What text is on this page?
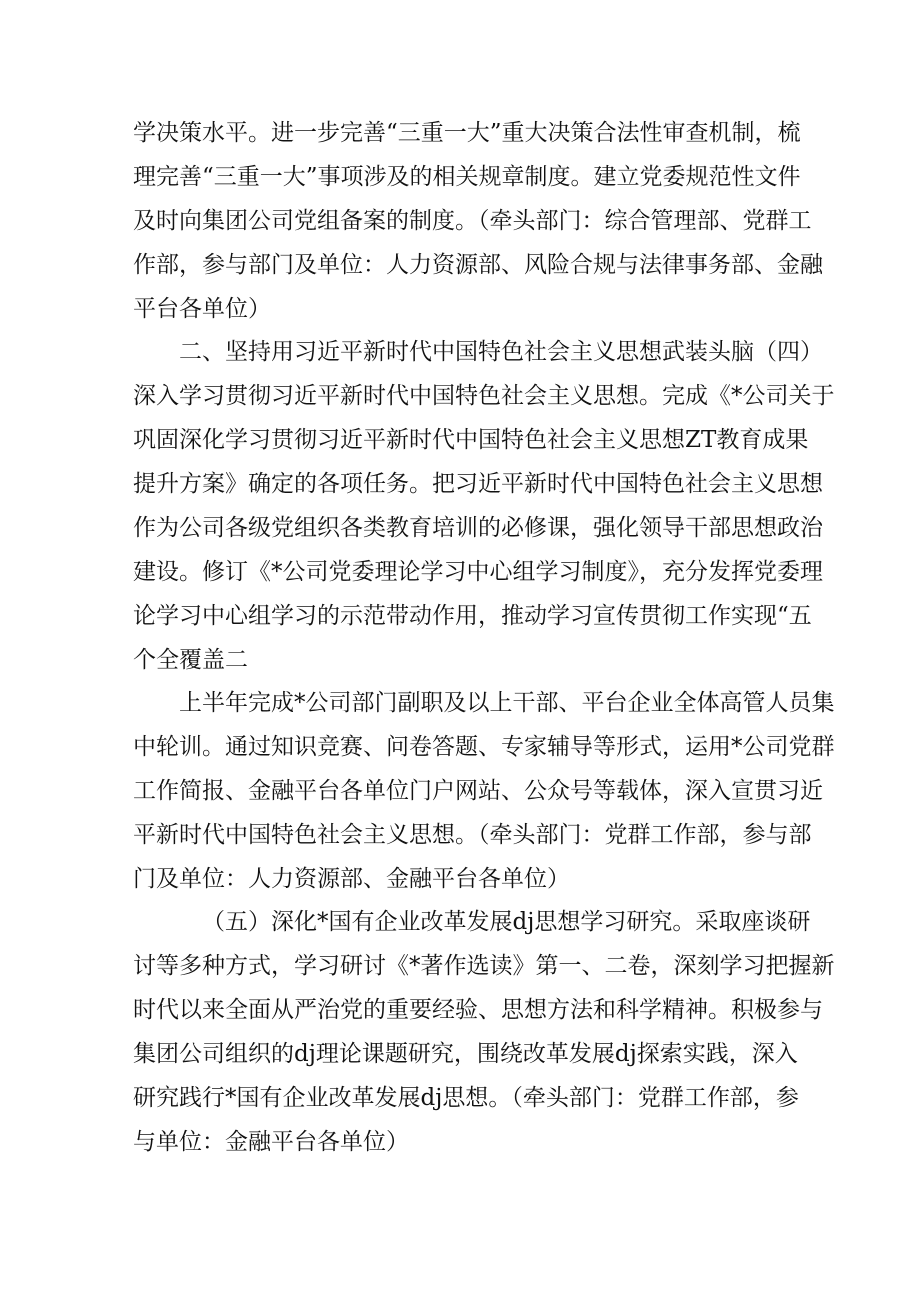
学决策水平。进一步完善“三重一大”重大决策合法性审查机制，梳
理完善“三重一大”事项涉及的相关规章制度。建立党委规范性文件
及时向集团公司党组备案的制度。（牵头部门：综合管理部、党群工
作部，参与部门及单位：人力资源部、风险合规与法律事务部、金融
平台各单位）
二、坚持用习近平新时代中国特色社会主义思想武装头脑（四）
深入学习贯彻习近平新时代中国特色社会主义思想。完成《*公司关于
巩固深化学习贯彻习近平新时代中国特色社会主义思想ZT教育成果
提升方案》确定的各项任务。把习近平新时代中国特色社会主义思想
作为公司各级党组织各类教育培训的必修课，强化领导干部思想政治
建设。修订《*公司党委理论学习中心组学习制度》，充分发挥党委理
论学习中心组学习的示范带动作用，推动学习宣传贯彻工作实现“五
个全覆盖二
上半年完成*公司部门副职及以上干部、平台企业全体高管人员集
中轮训。通过知识竞赛、问卷答题、专家辅导等形式，运用*公司党群
工作简报、金融平台各单位门户网站、公众号等载体，深入宣贯习近
平新时代中国特色社会主义思想。（牵头部门：党群工作部，参与部
门及单位：人力资源部、金融平台各单位）
（五）深化*国有企业改革发展dj思想学习研究。采取座谈研
讨等多种方式，学习研讨《*著作选读》第一、二卷，深刻学习把握新
时代以来全面从严治党的重要经验、思想方法和科学精神。积极参与
集团公司组织的dj理论课题研究，围绕改革发展dj探索实践，深入
研究践行*国有企业改革发展dj思想。（牵头部门：党群工作部，参
与单位：金融平台各单位）
